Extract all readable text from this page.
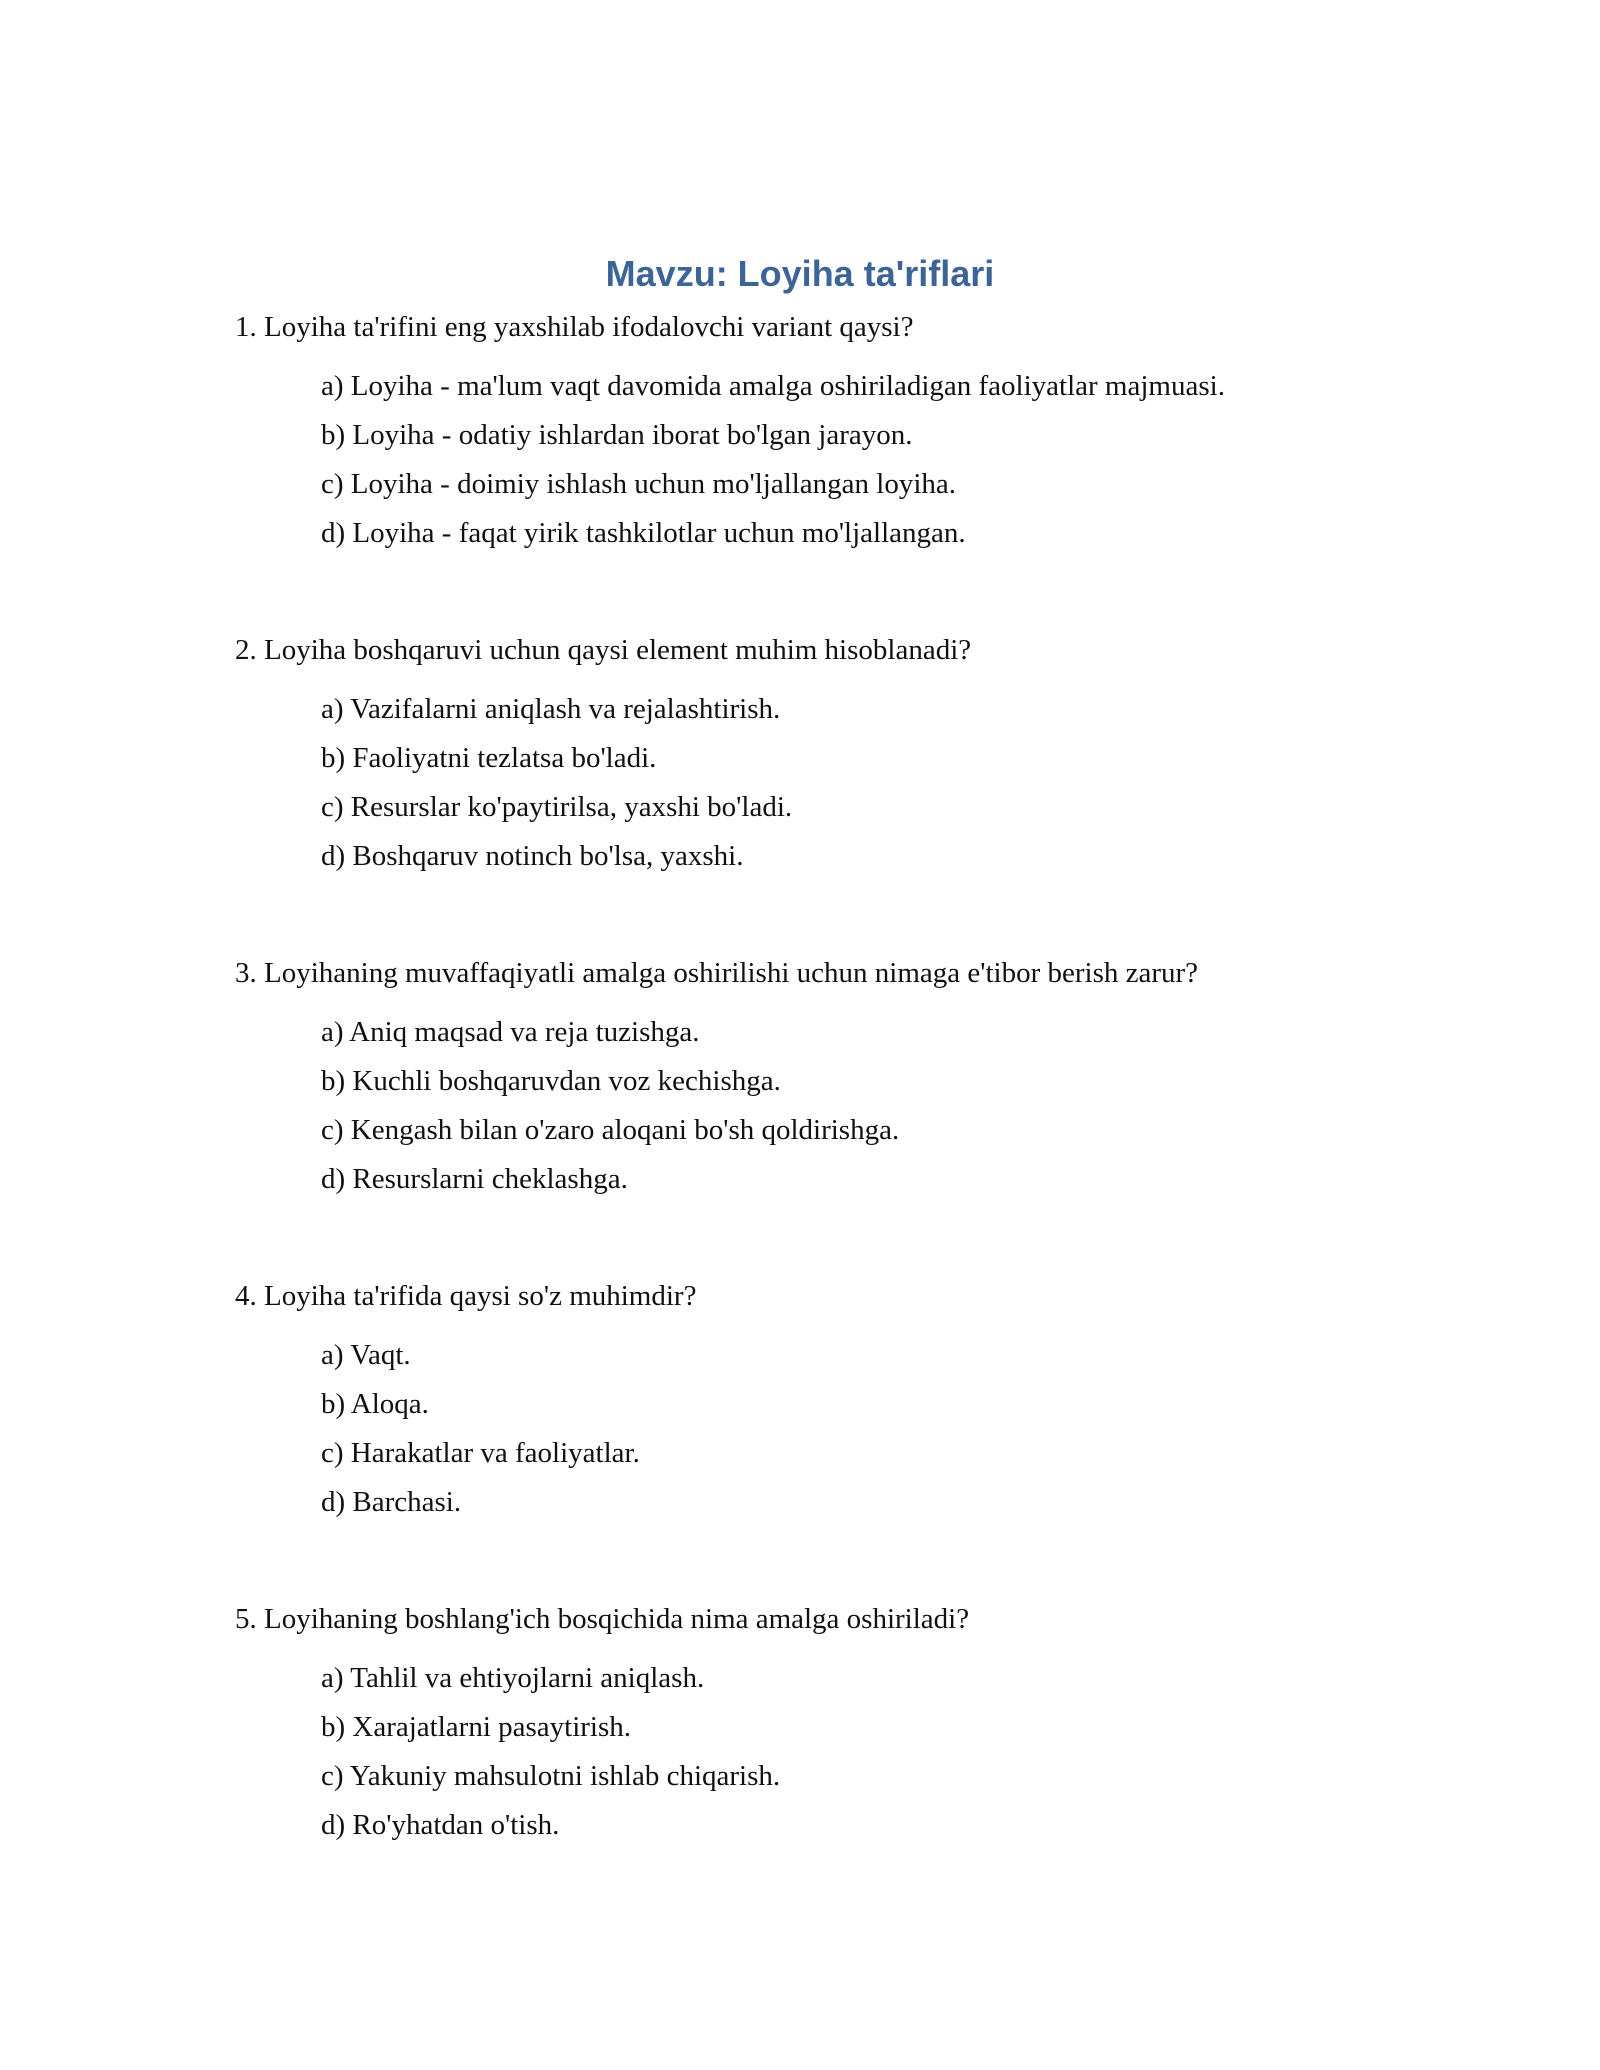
Mavzu: Loyiha ta'riflari
1. Loyiha ta'rifini eng yaxshilab ifodalovchi variant qaysi?
a) Loyiha - ma'lum vaqt davomida amalga oshiriladigan faoliyatlar majmuasi.
b) Loyiha - odatiy ishlardan iborat bo'lgan jarayon.
c) Loyiha - doimiy ishlash uchun mo'ljallangan loyiha.
d) Loyiha - faqat yirik tashkilotlar uchun mo'ljallangan.
2. Loyiha boshqaruvi uchun qaysi element muhim hisoblanadi?
a) Vazifalarni aniqlash va rejalashtirish.
b) Faoliyatni tezlatsa bo'ladi.
c) Resurslar ko'paytirilsa, yaxshi bo'ladi.
d) Boshqaruv notinch bo'lsa, yaxshi.
3. Loyihaning muvaffaqiyatli amalga oshirilishi uchun nimaga e'tibor berish zarur?
a) Aniq maqsad va reja tuzishga.
b) Kuchli boshqaruvdan voz kechishga.
c) Kengash bilan o'zaro aloqani bo'sh qoldirishga.
d) Resurslarni cheklashga.
4. Loyiha ta'rifida qaysi so'z muhimdir?
a) Vaqt.
b) Aloqa.
c) Harakatlar va faoliyatlar.
d) Barchasi.
5. Loyihaning boshlang'ich bosqichida nima amalga oshiriladi?
a) Tahlil va ehtiyojlarni aniqlash.
b) Xarajatlarni pasaytirish.
c) Yakuniy mahsulotni ishlab chiqarish.
d) Ro'yhatdan o'tish.
